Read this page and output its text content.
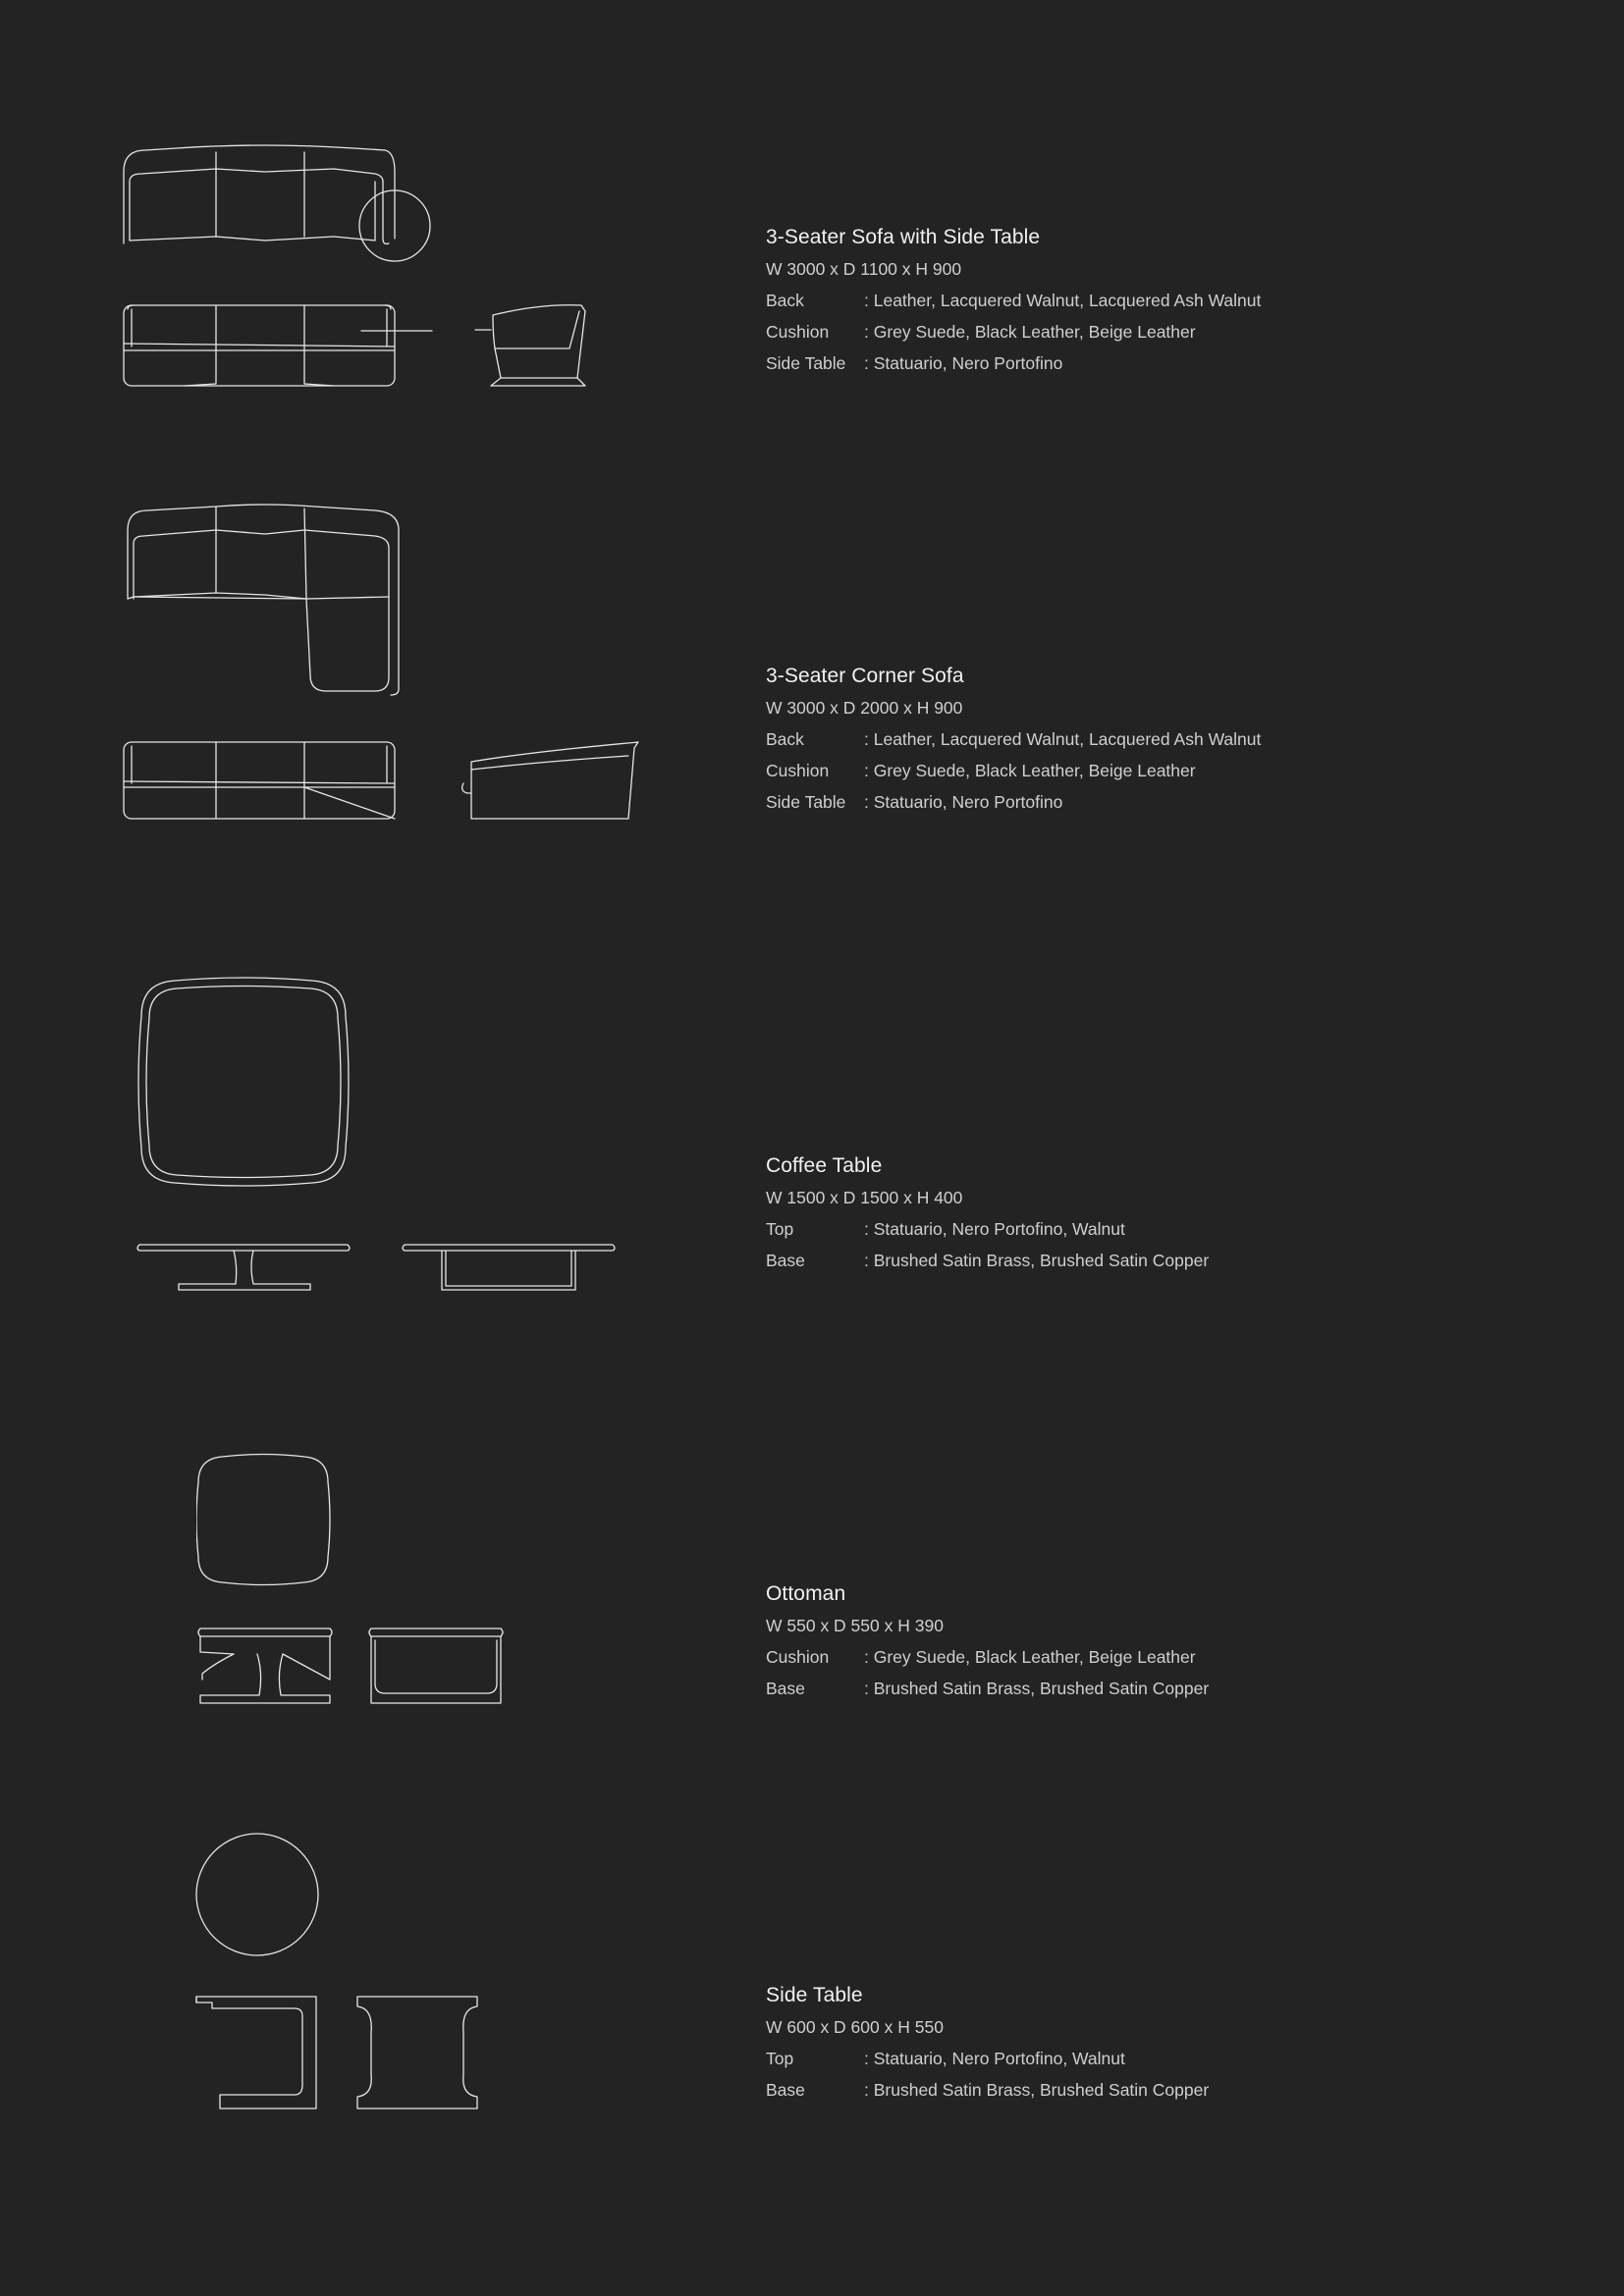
3-Seater Sofa with Side Table
W 3000 x D 1100 x H 900
Back	: Leather, Lacquered Walnut, Lacquered Ash Walnut
Cushion : Grey Suede, Black Leather, Beige Leather
Side Table : Statuario, Nero Portofino
3-Seater Corner Sofa
W 3000 x D 2000 x H 900
Back	: Leather, Lacquered Walnut, Lacquered Ash Walnut
Cushion : Grey Suede, Black Leather, Beige Leather
Side Table : Statuario, Nero Portofino
Coffee Table
W 1500 x D 1500 x H 400
Top	: Statuario, Nero Portofino, Walnut
Base	: Brushed Satin Brass, Brushed Satin Copper
Ottoman
W 550 x D 550 x H 390
Cushion : Grey Suede, Black Leather, Beige Leather
Base	: Brushed Satin Brass, Brushed Satin Copper
Side Table
W 600 x D 600 x H 550
Top	: Statuario, Nero Portofino, Walnut
Base	: Brushed Satin Brass, Brushed Satin Copper
